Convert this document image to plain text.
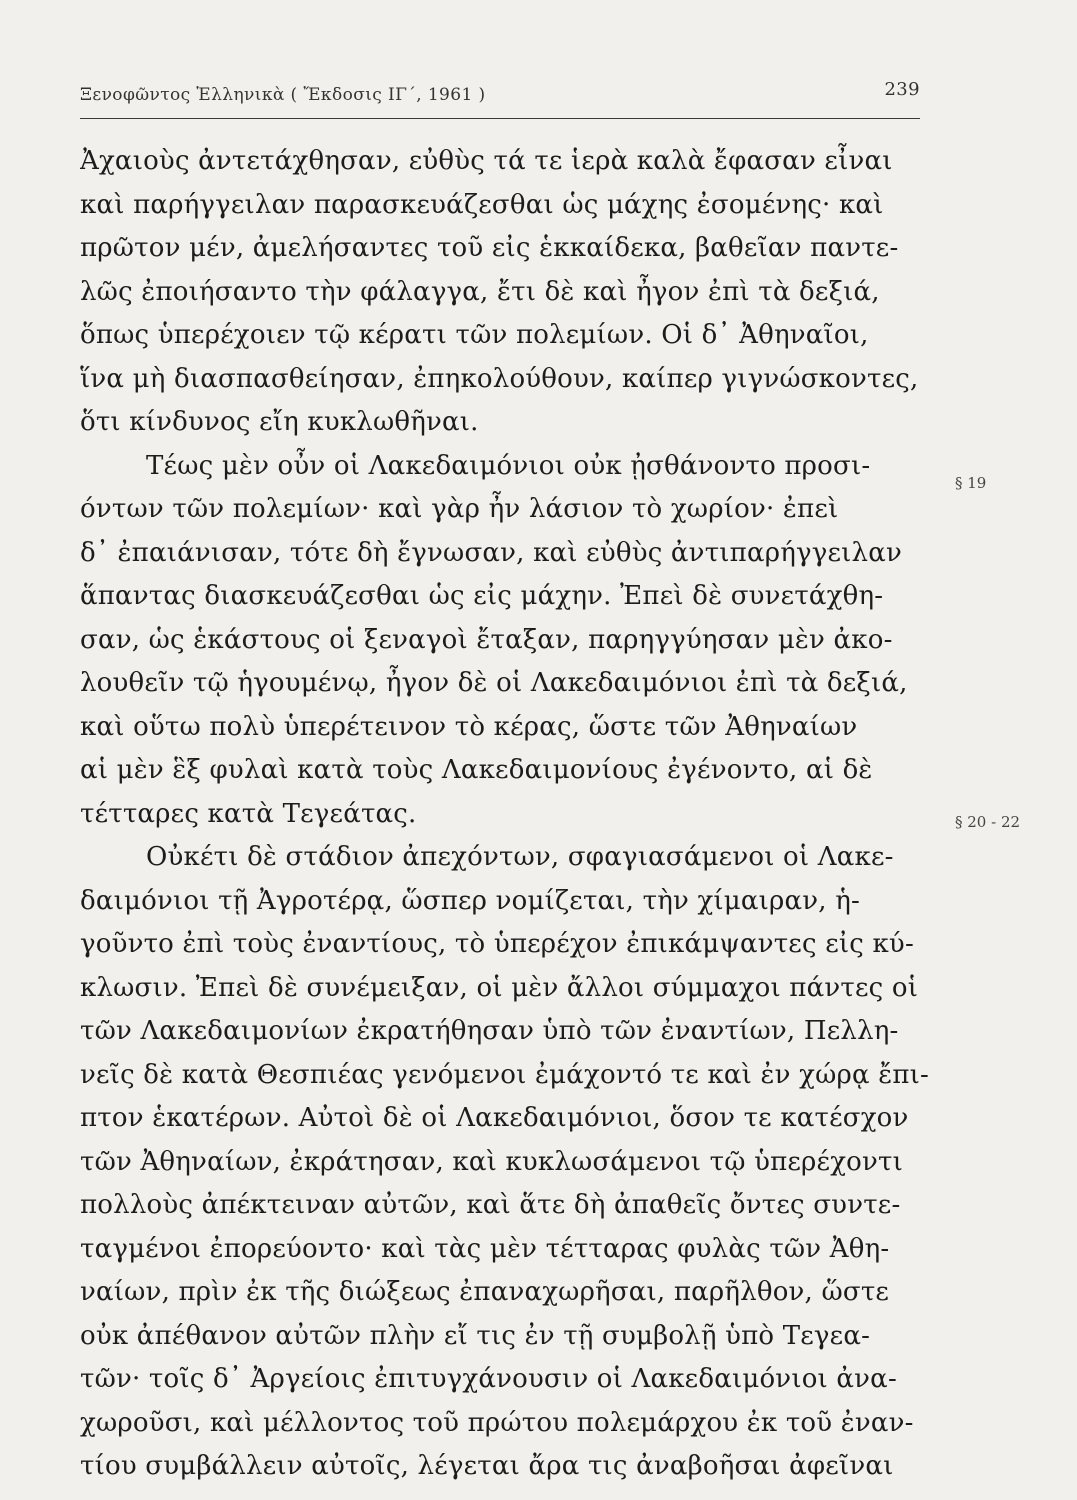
Ξενοφῶντος Ἑλληνικὰ ( Ἔκδοσις ΙΓ΄, 1961 )	239
Ἀχαιοὺς ἀντετάχθησαν, εὐθὺς τά τε ἱερὰ καλὰ ἔφασαν εἶναι
καὶ παρήγγειλαν παρασκευάζεσθαι ὡς μάχης ἐσομένης· καὶ
πρῶτον μέν, ἀμελήσαντες τοῦ εἰς ἑκκαίδεκα, βαθεῖαν παντε-
λῶς ἐποιήσαντο τὴν φάλαγγα, ἔτι δὲ καὶ ἦγον ἐπὶ τὰ δεξιά,
ὅπως ὑπερέχοιεν τῷ κέρατι τῶν πολεμίων. Οἱ δ᾽ Ἀθηναῖοι,
ἵνα μὴ διασπασθείησαν, ἐπηκολούθουν, καίπερ γιγνώσκοντες,
ὅτι κίνδυνος εἴη κυκλωθῆναι.
Τέως μὲν οὖν οἱ Λακεδαιμόνιοι οὐκ ᾐσθάνοντο προσι-
όντων τῶν πολεμίων· καὶ γὰρ ἦν λάσιον τὸ χωρίον· ἐπεὶ
δ᾽ ἐπαιάνισαν, τότε δὴ ἔγνωσαν, καὶ εὐθὺς ἀντιπαρήγγειλαν
ἅπαντας διασκευάζεσθαι ὡς εἰς μάχην. Ἐπεὶ δὲ συνετάχθη-
σαν, ὡς ἑκάστους οἱ ξεναγοὶ ἔταξαν, παρηγγύησαν μὲν ἀκο-
λουθεῖν τῷ ἡγουμένῳ, ἦγον δὲ οἱ Λακεδαιμόνιοι ἐπὶ τὰ δεξιά,
καὶ οὕτω πολὺ ὑπερέτεινον τὸ κέρας, ὥστε τῶν Ἀθηναίων
αἱ μὲν ἓξ φυλαὶ κατὰ τοὺς Λακεδαιμονίους ἐγένοντο, αἱ δὲ
τέτταρες κατὰ Τεγεάτας.
Οὐκέτι δὲ στάδιον ἀπεχόντων, σφαγιασάμενοι οἱ Λακε-
δαιμόνιοι τῇ Ἀγροτέρᾳ, ὥσπερ νομίζεται, τὴν χίμαιραν, ἡ-
γοῦντο ἐπὶ τοὺς ἐναντίους, τὸ ὑπερέχον ἐπικάμψαντες εἰς κύ-
κλωσιν. Ἐπεὶ δὲ συνέμειξαν, οἱ μὲν ἄλλοι σύμμαχοι πάντες οἱ
τῶν Λακεδαιμονίων ἐκρατήθησαν ὑπὸ τῶν ἐναντίων, Πελλη-
νεῖς δὲ κατὰ Θεσπιέας γενόμενοι ἐμάχοντό τε καὶ ἐν χώρᾳ ἔπι-
πτον ἑκατέρων. Αὐτοὶ δὲ οἱ Λακεδαιμόνιοι, ὅσον τε κατέσχον
τῶν Ἀθηναίων, ἐκράτησαν, καὶ κυκλωσάμενοι τῷ ὑπερέχοντι
πολλοὺς ἀπέκτειναν αὐτῶν, καὶ ἅτε δὴ ἀπαθεῖς ὄντες συντε-
ταγμένοι ἐπορεύοντο· καὶ τὰς μὲν τέτταρας φυλὰς τῶν Ἀθη-
ναίων, πρὶν ἐκ τῆς διώξεως ἐπαναχωρῆσαι, παρῆλθον, ὥστε
οὐκ ἀπέθανον αὐτῶν πλὴν εἴ τις ἐν τῇ συμβολῇ ὑπὸ Τεγεα-
τῶν· τοῖς δ᾽ Ἀργείοις ἐπιτυγχάνουσιν οἱ Λακεδαιμόνιοι ἀνα-
χωροῦσι, καὶ μέλλοντος τοῦ πρώτου πολεμάρχου ἐκ τοῦ ἐναν-
τίου συμβάλλειν αὐτοῖς, λέγεται ἄρα τις ἀναβοῆσαι ἀφεῖναι
§ 19
§ 20 - 22
